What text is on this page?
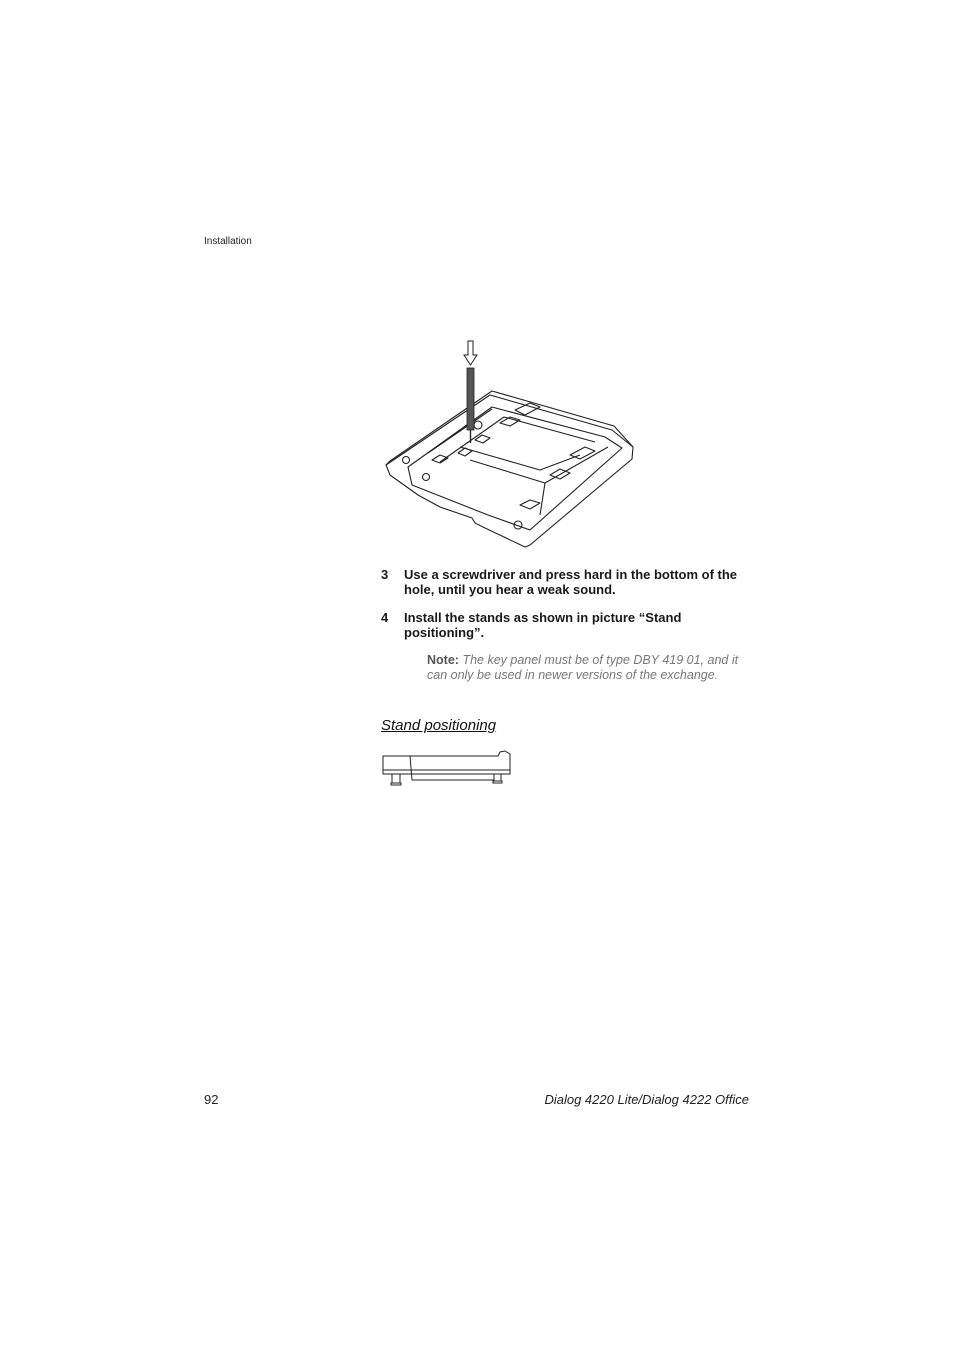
Installation
3 Use a screwdriver and press hard in the bottom of the hole, until you hear a weak sound.
4 Install the stands as shown in picture “Stand positioning”.
Note: The key panel must be of type DBY 419 01, and it can only be used in newer versions of the exchange.
Stand positioning
92	Dialog 4220 Lite/Dialog 4222 Office
